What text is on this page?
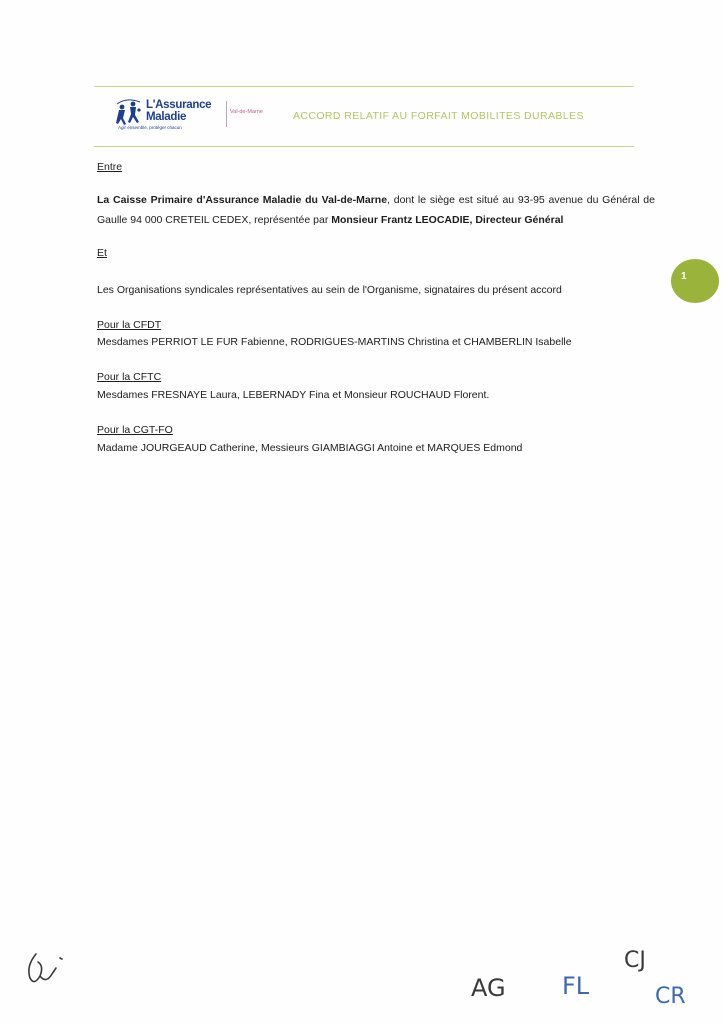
L'Assurance
Maladie
Agir ensemble, protéger chacun
Val-de-Marne	ACCORD RELATIF AU FORFAIT MOBILITES DURABLES
Entre
La Caisse Primaire d'Assurance Maladie du Val-de-Marne, dont le siège est situé au 93-95 avenue du Général de Gaulle 94 000 CRETEIL CEDEX, représentée par Monsieur Frantz LEOCADIE, Directeur Général
Et
Les Organisations syndicales représentatives au sein de l'Organisme, signataires du présent accord
Pour la CFDT
Mesdames PERRIOT LE FUR Fabienne, RODRIGUES-MARTINS Christina et CHAMBERLIN Isabelle
Pour la CFTC
Mesdames FRESNAYE Laura, LEBERNADY Fina et Monsieur ROUCHAUD Florent.
Pour la CGT-FO
Madame JOURGEAUD Catherine, Messieurs GIAMBIAGGI Antoine et MARQUES Edmond
1
AG FL
CJ
CR
